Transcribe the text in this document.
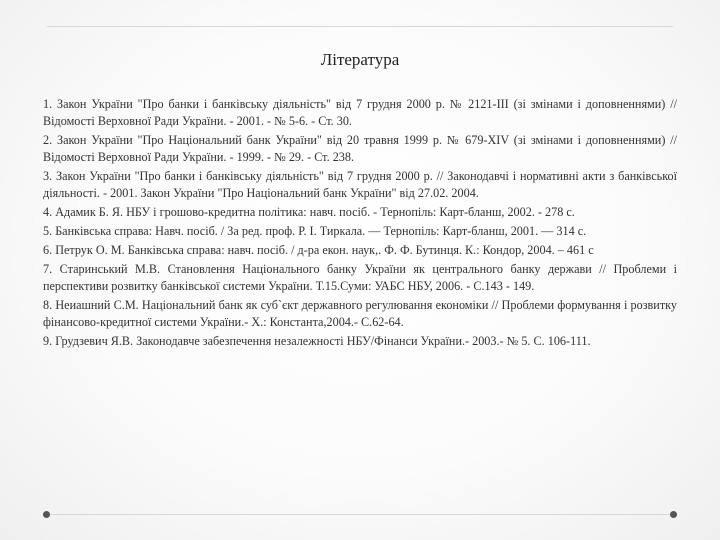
Література

1. Закон України "Про банки і банківську діяльність" від 7 грудня 2000 р. № 2121-ІІІ (зі змінами і доповненнями) // Відомості Верховної Ради України. - 2001. - № 5-6. - Ст. 30.

2. Закон України "Про Національний банк України" від 20 травня 1999 р. № 679-XIV (зі змінами і доповненнями) // Відомості Верховної Ради України. - 1999. - № 29. - Ст. 238.

3. Закон України "Про банки і банківську діяльність" від 7 грудня 2000 р. // Законодавчі і нормативні акти з банківської діяльності. - 2001. Закон України "Про Національний банк України" від 27.02. 2004.

4. Адамик Б. Я. НБУ і грошово-кредитна політика: навч. посіб. - Тернопіль: Карт-бланш, 2002. - 278 с.

5. Банківська справа: Навч. посіб. / За ред. проф. Р. І. Тиркала. — Тернопіль: Карт-бланш, 2001. — 314 с.

6. Петрук О. М. Банківська справа: навч. посіб. / д-ра екон. наук,. Ф. Ф. Бутинця. К.: Кондор, 2004. – 461 с

7. Старинський М.В. Становлення Національного банку України як центрального банку держави // Проблеми і перспективи розвитку банківської системи України. Т.15.Суми: УАБС НБУ, 2006. - С.143 - 149.

8. Неиашний С.М. Національний банк як суб`єкт державного регулювання економіки // Проблеми формування і розвитку фінансово-кредитної системи України.- Х.: Константа,2004.- С.62-64.

9. Грудзевич Я.В. Законодавче забезпечення незалежності НБУ/Фінанси України.- 2003.- № 5. С. 106-111.
